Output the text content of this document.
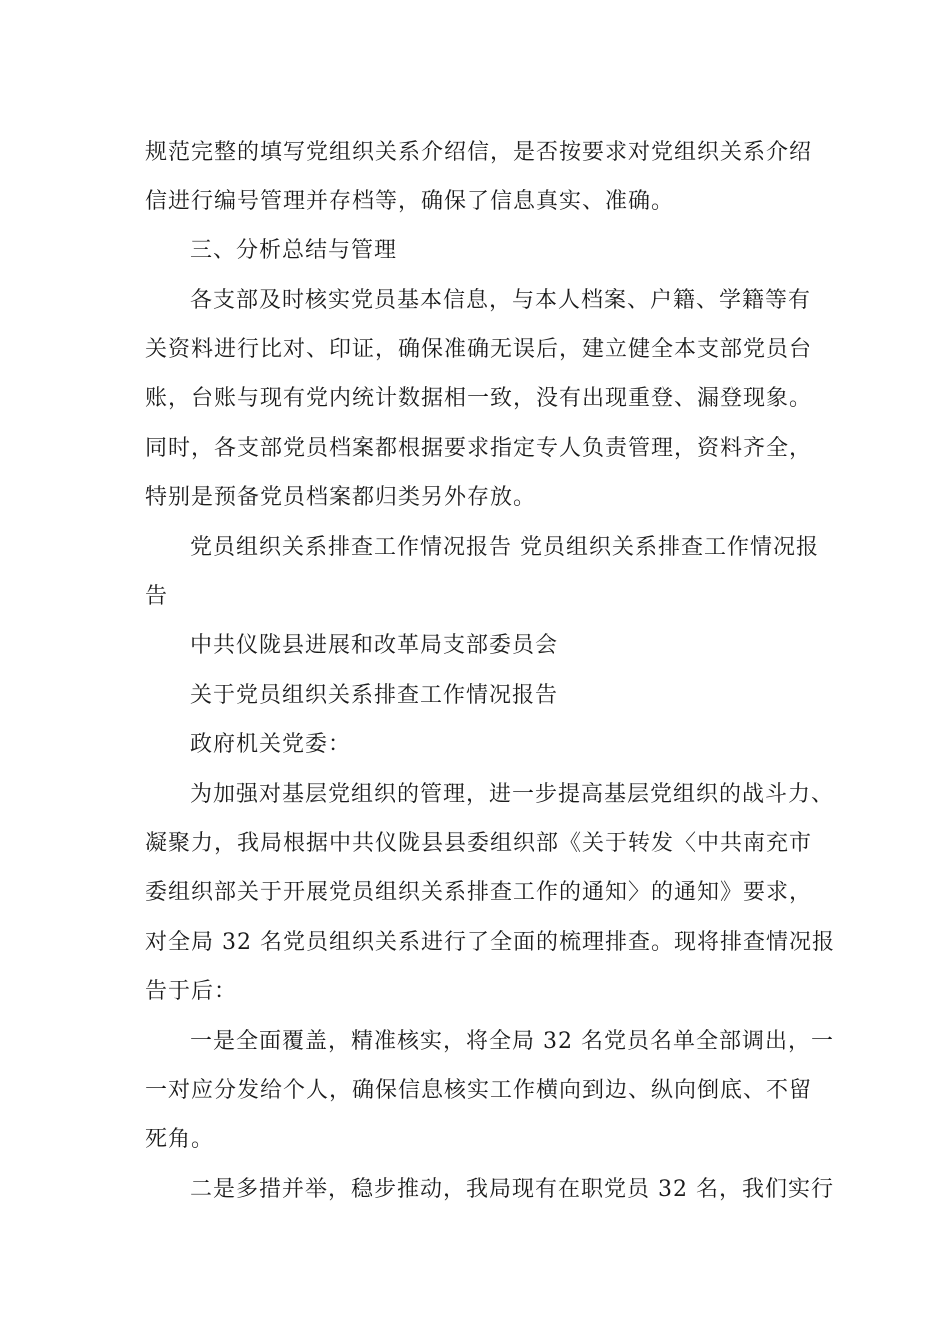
规范完整的填写党组织关系介绍信，是否按要求对党组织关系介绍
信进行编号管理并存档等，确保了信息真实、准确。
三、分析总结与管理
各支部及时核实党员基本信息，与本人档案、户籍、学籍等有
关资料进行比对、印证，确保准确无误后，建立健全本支部党员台
账，台账与现有党内统计数据相一致，没有出现重登、漏登现象。
同时，各支部党员档案都根据要求指定专人负责管理，资料齐全，
特别是预备党员档案都归类另外存放。
党员组织关系排查工作情况报告 党员组织关系排查工作情况报
告
中共仪陇县进展和改革局支部委员会
关于党员组织关系排查工作情况报告
政府机关党委：
为加强对基层党组织的管理，进一步提高基层党组织的战斗力、
凝聚力，我局根据中共仪陇县县委组织部《关于转发〈中共南充市
委组织部关于开展党员组织关系排查工作的通知〉的通知》要求，
对全局 32 名党员组织关系进行了全面的梳理排查。现将排查情况报
告于后：
一是全面覆盖，精准核实，将全局 32 名党员名单全部调出，一
一对应分发给个人，确保信息核实工作横向到边、纵向倒底、不留
死角。
二是多措并举，稳步推动，我局现有在职党员 32 名，我们实行
